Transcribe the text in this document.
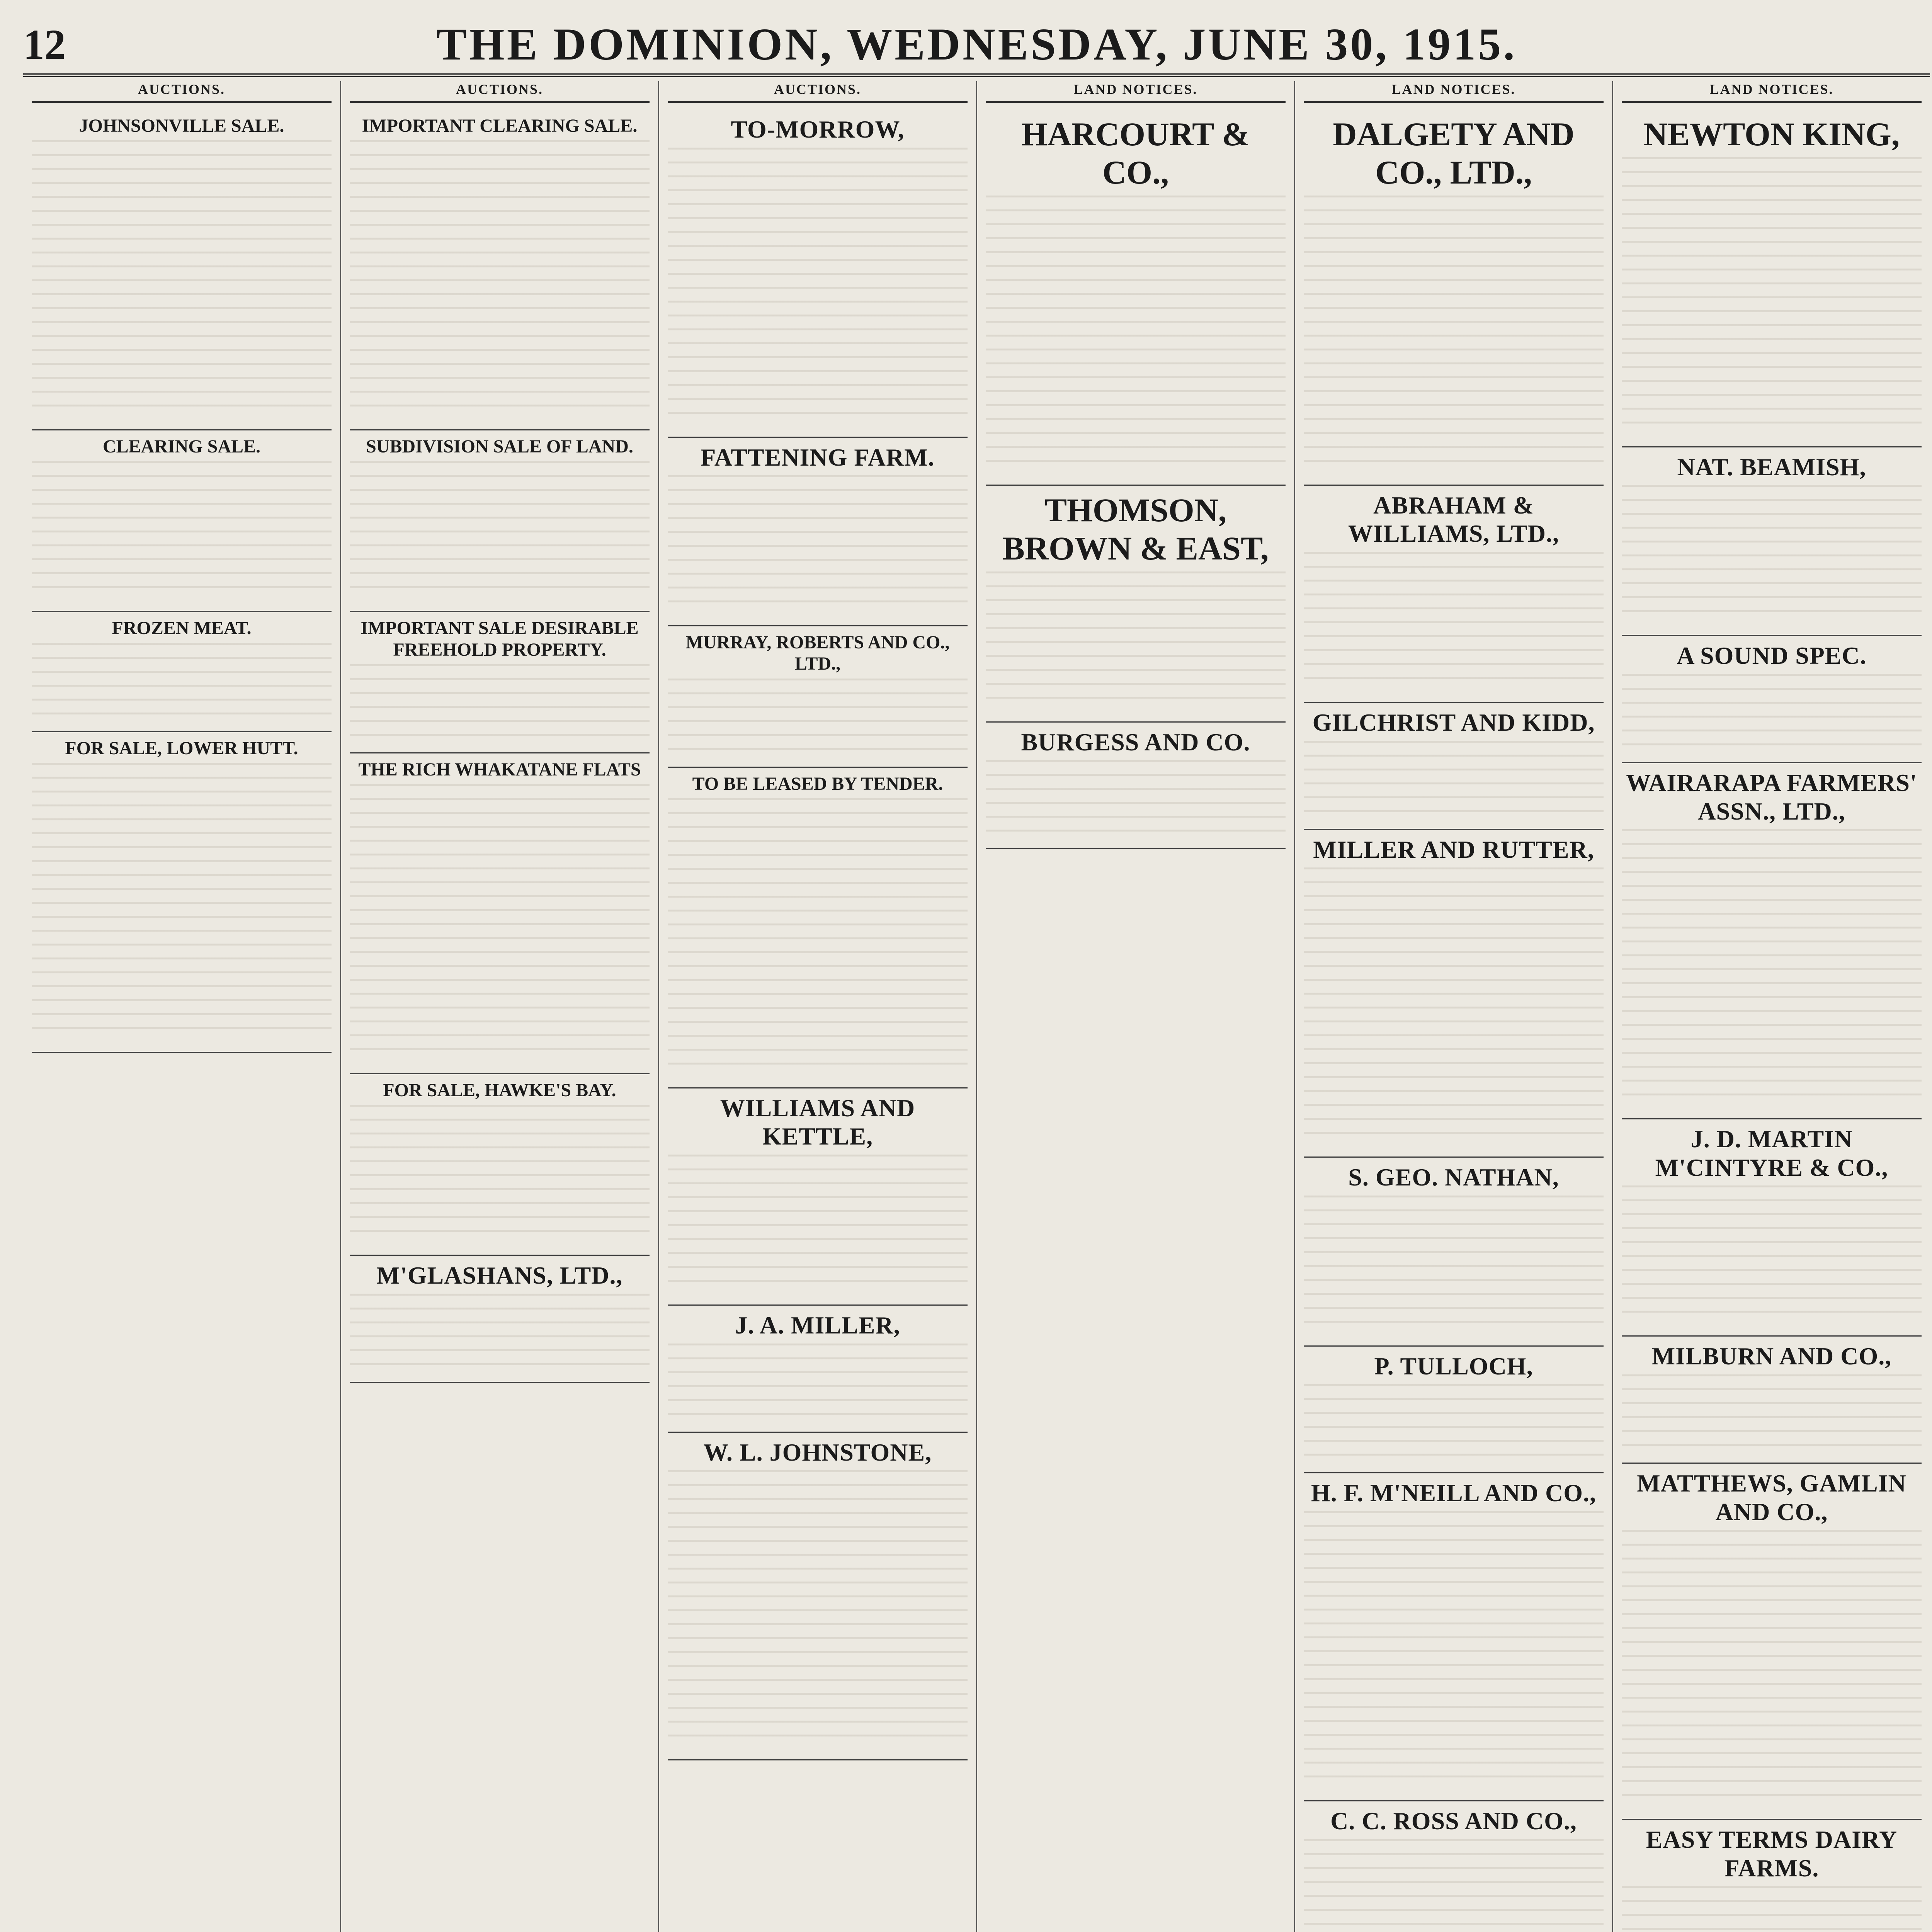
12	THE DOMINION, WEDNESDAY, JUNE 30, 1915.
AUCTIONS.
JOHNSONVILLE SALE.
CLEARING SALE.
FROZEN MEAT.
FOR SALE, LOWER HUTT.
AUCTIONS.
IMPORTANT CLEARING SALE.
SUBDIVISION SALE OF LAND.
IMPORTANT SALE DESIRABLE FREEHOLD PROPERTY.
THE RICH WHAKATANE FLATS
FOR SALE, HAWKE'S BAY.
M'GLASHANS, LTD.,
AUCTIONS.
TO-MORROW,
FATTENING FARM.
MURRAY, ROBERTS AND CO., LTD.,
TO BE LEASED BY TENDER.
WILLIAMS AND KETTLE,
J. A. MILLER,
W. L. JOHNSTONE,
LAND NOTICES.
HARCOURT & CO.,
THOMSON, BROWN & EAST,
BURGESS AND CO.
LAND NOTICES.
DALGETY AND CO., LTD.,
ABRAHAM & WILLIAMS, LTD.,
GILCHRIST AND KIDD,
MILLER AND RUTTER,
S. GEO. NATHAN,
P. TULLOCH,
H. F. M'NEILL AND CO.,
C. C. ROSS AND CO.,
LAND NOTICES.
NEWTON KING,
NAT. BEAMISH,
A SOUND SPEC.
WAIRARAPA FARMERS' ASSN., LTD.,
J. D. MARTIN M'CINTYRE & CO.,
MILBURN AND CO.,
MATTHEWS, GAMLIN AND CO.,
EASY TERMS DAIRY FARMS.
